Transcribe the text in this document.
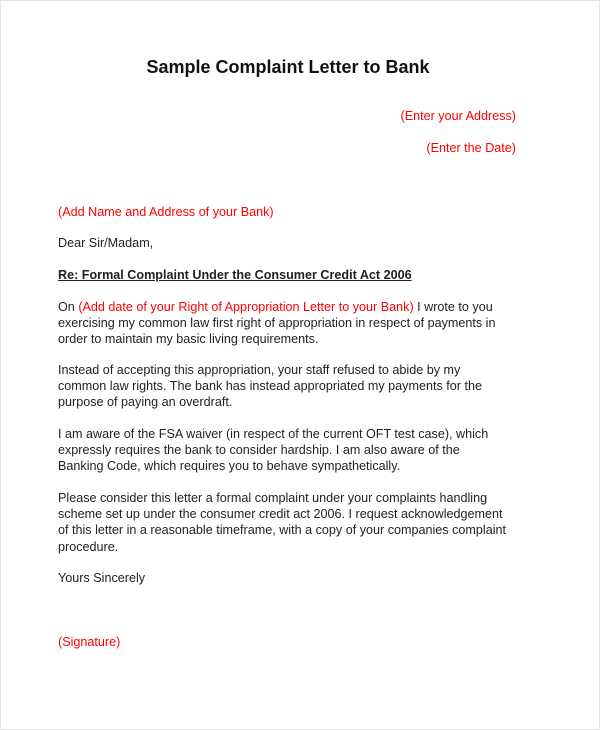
Sample Complaint Letter to Bank
(Enter your Address)
(Enter the Date)
(Add Name and Address of your Bank)
Dear Sir/Madam,
Re: Formal Complaint Under the Consumer Credit Act 2006
On (Add date of your Right of Appropriation Letter to your Bank) I wrote to you
exercising my common law first right of appropriation in respect of payments in
order to maintain my basic living requirements.
Instead of accepting this appropriation, your staff refused to abide by my
common law rights. The bank has instead appropriated my payments for the
purpose of paying an overdraft.
I am aware of the FSA waiver (in respect of the current OFT test case), which
expressly requires the bank to consider hardship. I am also aware of the
Banking Code, which requires you to behave sympathetically.
Please consider this letter a formal complaint under your complaints handling
scheme set up under the consumer credit act 2006. I request acknowledgement
of this letter in a reasonable timeframe, with a copy of your companies complaint
procedure.
Yours Sincerely
(Signature)
